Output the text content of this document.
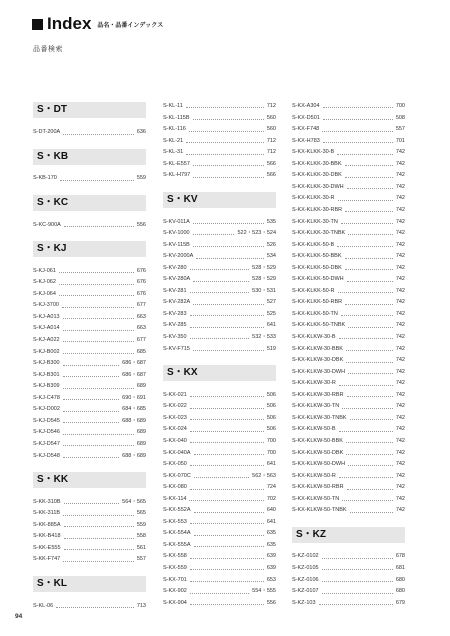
Index 品名・品番インデックス
品番検索
S・DT
S-DT-200A	636
S・KB
S-KB-170	559
S・KC
S-KC-900A	556
S・KJ
S-KJ-061	676
S-KJ-062	676
S-KJ-064	676
S-KJ-3700	677
S-KJ-A013	663
S-KJ-A014	663
S-KJ-A022	677
S-KJ-B002	685
S-KJ-B300	686・687
S-KJ-B301	686・687
S-KJ-B309	689
S-KJ-C478	690・691
S-KJ-D002	684・685
S-KJ-D545	688・689
S-KJ-D546	689
S-KJ-D547	689
S-KJ-D548	688・689
S・KK
S-KK-310B	564・565
S-KK-311B	565
S-KK-885A	559
S-KK-B418	558
S-KK-E555	561
S-KK-F747	557
S・KL
S-KL-06	713
S-KL-11	712
S-KL-115B	560
S-KL-116	560
S-KL-21	712
S-KL-31	712
S-KL-E557	566
S-KL-H797	566
S・KV
S-KV-011A	535
S-KV-1000	522・523・524
S-KV-115B	526
S-KV-2000A	534
S-KV-280	528・529
S-KV-280A	528・529
S-KV-281	530・531
S-KV-282A	527
S-KV-283	525
S-KV-285	641
S-KV-350	532・533
S-KV-F715	519
S・KX
S-KX-021	506
S-KX-022	506
S-KX-023	506
S-KX-024	506
S-KX-040	700
S-KX-040A	700
S-KX-050	641
S-KX-070C	562・563
S-KX-080	724
S-KX-114	702
S-KX-552A	640
S-KX-553	641
S-KX-554A	635
S-KX-555A	635
S-KX-558	639
S-KX-559	639
S-KX-701	653
S-KX-902	554・555
S-KX-904	556
S-KX-A304	700
S-KX-D501	508
S-KX-F748	557
S-KX-H783	701
S-KX-KLKK-30-B	742
S-KX-KLKK-30-BBK	742
S-KX-KLKK-30-DBK	742
S-KX-KLKK-30-DWH	742
S-KX-KLKK-30-R	742
S-KX-KLKK-30-RBR	742
S-KX-KLKK-30-TN	742
S-KX-KLKK-30-TNBK	742
S-KX-KLKK-50-B	742
S-KX-KLKK-50-BBK	742
S-KX-KLKK-50-DBK	742
S-KX-KLKK-50-DWH	742
S-KX-KLKK-50-R	742
S-KX-KLKK-50-RBR	742
S-KX-KLKK-50-TN	742
S-KX-KLKK-50-TNBK	742
S-KX-KLKW-30-B	742
S-KX-KLKW-30-BBK	742
S-KX-KLKW-30-DBK	742
S-KX-KLKW-30-DWH	742
S-KX-KLKW-30-R	742
S-KX-KLKW-30-RBR	742
S-KX-KLKW-30-TN	742
S-KX-KLKW-30-TNBK	742
S-KX-KLKW-50-B	742
S-KX-KLKW-50-BBK	742
S-KX-KLKW-50-DBK	742
S-KX-KLKW-50-DWH	742
S-KX-KLKW-50-R	742
S-KX-KLKW-50-RBR	742
S-KX-KLKW-50-TN	742
S-KX-KLKW-50-TNBK	742
S・KZ
S-KZ-0102	678
S-KZ-0105	681
S-KZ-0106	680
S-KZ-0107	680
S-KZ-103	679
94
